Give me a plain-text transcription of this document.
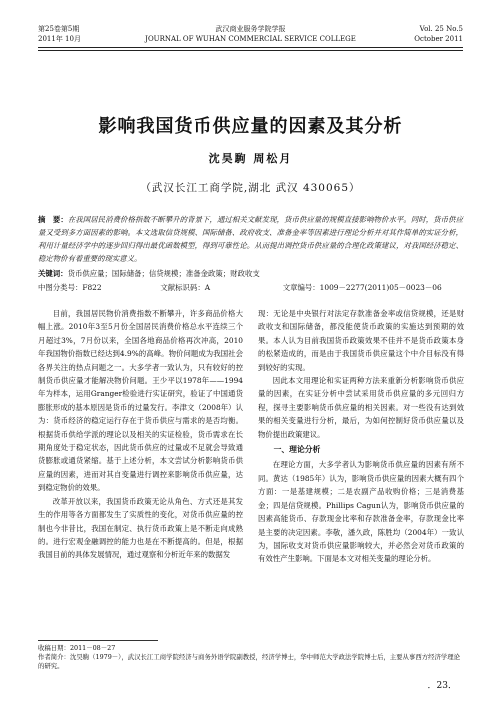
第25卷第5期
2011年 10月
武汉商业服务学院学报
JOURNAL OF WUHAN COMMERCIAL SERVICE COLLEGE
Vol. 25 No.5
October 2011
影响我国货币供应量的因素及其分析
沈昊駒 周松月
（武汉长江工商学院,湖北 武汉 430065）
摘　要：在我国居民消费价格指数不断攀升的背景下，通过相关文献发现，货币供应量的规模直接影响物价水平。同时，货币供应量又受到多方面因素的影响。本文选取信贷规模、国际储备、政府收支、准备金率等因素进行理论分析并对其作简单的实证分析，利用计量经济学中的逐步回归得出最优函数模型，得到可靠性论。从而提出调控货币供应量的合理化政策建议，对我国经济稳定、稳定物价有着重要的现实意义。
关键词：货币供应量；国际储备；信贷规模；准备金政策；财政收支
中图分类号：F822	文献标识码：A	文章编号：1009－2277(2011)05－0023－06

目前，我国居民物价消费指数不断攀升，许多商品价格大幅上涨。2010年3至5月份全国居民消费价格总水平连续三个月超过3%，7月份以来，全国各地商品价格再次冲高，2010年我国物价指数已经达到4.9%的高峰。物价问题成为我国社会各界关注的热点问题之一。大多学者一致认为，只有较好的控制货币供应量才能解决物价问题。王少平以1978年——1994年为样本，运用Granger检验进行实证研究，验证了中国通货膨胀形成的基本原因是货币的过量发行。李津文（2008年）认为：货币经济的稳定运行存在于货币供应与需求的是否均衡。根据货币供给学派的理论以及相关的实证检验，货币需求在长期角度处于稳定状态，因此货币供应的过量或不足就会导致通货膨胀或通货紧缩。基于上述分析，本文尝试分析影响货币供应量的因素，进而对其自变量进行调控来影响货币供应量，达到稳定物价的效果。

改革开放以来，我国货币政策无论从角色、方式还是其发生的作用等各方面都发生了实质性的变化，对货币供应量的控制也今非昔比，我国在制定、执行货币政策上是不断走向成熟的。进行宏观金融调控的能力也是在不断提高的。但是，根据我国目前的具体发展情况，通过观察和分析近年来的数据发

现：无论是中央银行对法定存款准备金率或信贷规模，还是财政收支和国际储备，都没能使货币政策的实施达到预期的效果。本人认为目前我国货币政策效果不佳并不是货币政策本身的松紧造成的，而是由于我国货币供应量这个中介目标没有得到较好的实现。

因此本文用理论和实证两种方法来重新分析影响货币供应量的因素，在实证分析中尝试采用货币供应量的多元回归方程，探寻主要影响货币供应量的相关因素。对一些没有达到效果的相关变量进行分析，最后，为如何控制好货币供应量以及物价提出政策建议。

一、理论分析

在理论方面，大多学者认为影响货币供应量的因素有所不同。黄达（1985年）认为，影响货币供应量的因素大概有四个方面：一是基建规模；二是农副产品收购价格；三是消费基金；四是信贷规模。Phillips Cagun认为，影响货币供应量的因素高能货币、存款现金比率和存款准备金率，存款现金比率是主要的决定因素。李敬，潘久政，陈胜均（2004年）一致认为，国际收支对货币供应量影响较大，并必然会对货币政策的有效性产生影响。下面是本文对相关变量的理论分析。

收稿日期：2011－08－27
作者简介：沈昊駒（1979－），武汉长江工商学院经济与商务外语学院副教授，经济学博士，华中师范大学政法学院博士后，主要从事西方经济学理论的研究。
．23．
